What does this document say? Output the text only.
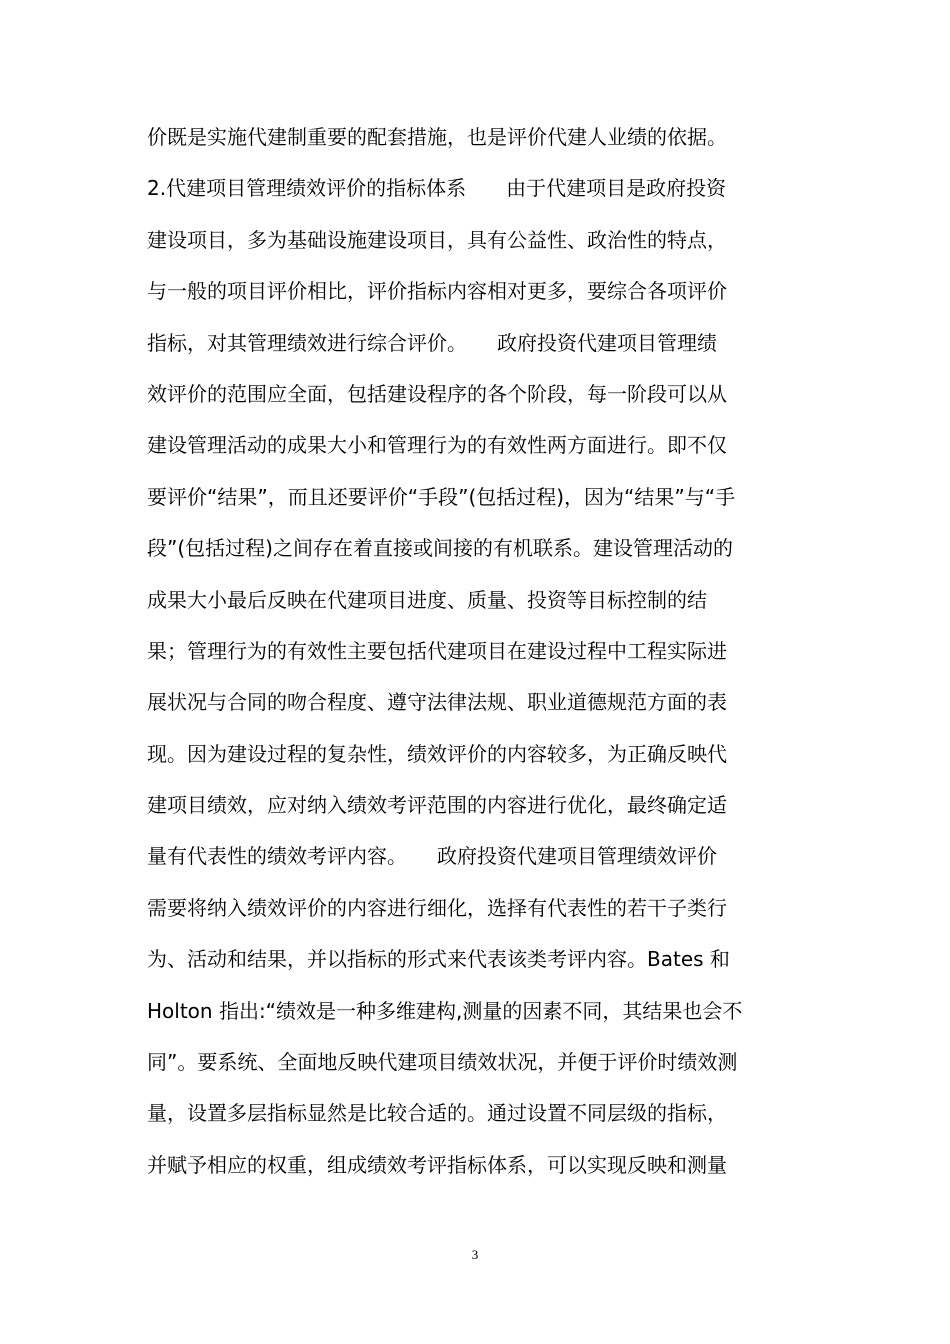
价既是实施代建制重要的配套措施，也是评价代建人业绩的依据。
2.代建项目管理绩效评价的指标体系　　由于代建项目是政府投资
建设项目，多为基础设施建设项目，具有公益性、政治性的特点，
与一般的项目评价相比，评价指标内容相对更多，要综合各项评价
指标，对其管理绩效进行综合评价。　　政府投资代建项目管理绩
效评价的范围应全面，包括建设程序的各个阶段，每一阶段可以从
建设管理活动的成果大小和管理行为的有效性两方面进行。即不仅
要评价“结果”，而且还要评价“手段”(包括过程)，因为“结果”与“手
段”(包括过程)之间存在着直接或间接的有机联系。建设管理活动的
成果大小最后反映在代建项目进度、质量、投资等目标控制的结
果；管理行为的有效性主要包括代建项目在建设过程中工程实际进
展状况与合同的吻合程度、遵守法律法规、职业道德规范方面的表
现。因为建设过程的复杂性，绩效评价的内容较多，为正确反映代
建项目绩效，应对纳入绩效考评范围的内容进行优化，最终确定适
量有代表性的绩效考评内容。　　政府投资代建项目管理绩效评价
需要将纳入绩效评价的内容进行细化，选择有代表性的若干子类行
为、活动和结果，并以指标的形式来代表该类考评内容。Bates 和
Holton 指出:“绩效是一种多维建构,测量的因素不同，其结果也会不
同”。要系统、全面地反映代建项目绩效状况，并便于评价时绩效测
量，设置多层指标显然是比较合适的。通过设置不同层级的指标，
并赋予相应的权重，组成绩效考评指标体系，可以实现反映和测量
3
